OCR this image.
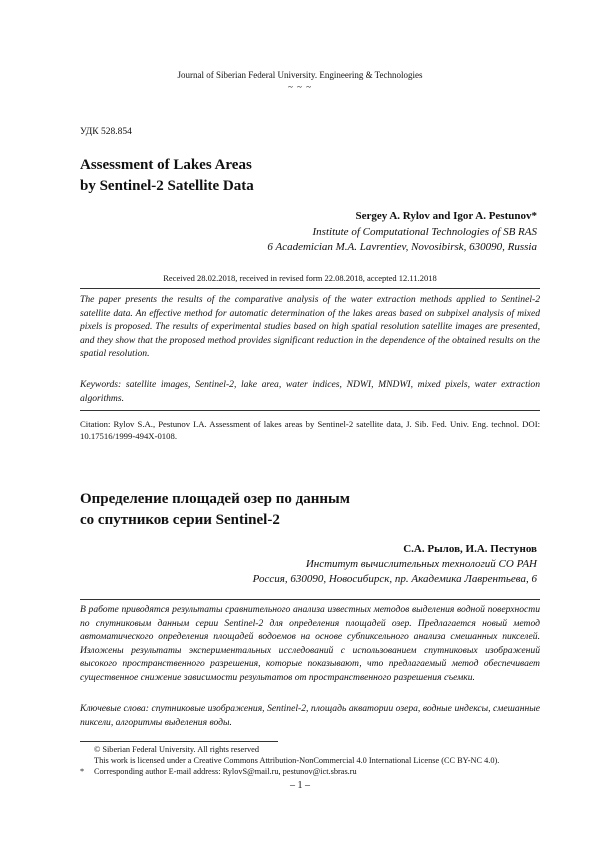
Journal of Siberian Federal University. Engineering & Technologies
~ ~ ~
УДК 528.854
Assessment of Lakes Areas
by Sentinel-2 Satellite Data
Sergey A. Rylov and Igor A. Pestunov*
Institute of Computational Technologies of SB RAS
6 Academician M.A. Lavrentiev, Novosibirsk, 630090, Russia
Received 28.02.2018, received in revised form 22.08.2018, accepted 12.11.2018
The paper presents the results of the comparative analysis of the water extraction methods applied to Sentinel-2 satellite data. An effective method for automatic determination of the lakes areas based on subpixel analysis of mixed pixels is proposed. The results of experimental studies based on high spatial resolution satellite images are presented, and they show that the proposed method provides significant reduction in the dependence of the obtained results on the spatial resolution.
Keywords: satellite images, Sentinel-2, lake area, water indices, NDWI, MNDWI, mixed pixels, water extraction algorithms.
Citation: Rylov S.A., Pestunov I.A. Assessment of lakes areas by Sentinel-2 satellite data, J. Sib. Fed. Univ. Eng. technol. DOI: 10.17516/1999-494X-0108.
Определение площадей озер по данным
со спутников серии Sentinel-2
С.А. Рылов, И.А. Пестунов
Институт вычислительных технологий СО РАН
Россия, 630090, Новосибирск, пр. Академика Лаврентьева, 6
В работе приводятся результаты сравнительного анализа известных методов выделения водной поверхности по спутниковым данным серии Sentinel-2 для определения площадей озер. Предлагается новый метод автоматического определения площадей водоемов на основе субпиксельного анализа смешанных пикселей. Изложены результаты экспериментальных исследований с использованием спутниковых изображений высокого пространственного разрешения, которые показывают, что предлагаемый метод обеспечивает существенное снижение зависимости результатов от пространственного разрешения съемки.
Ключевые слова: спутниковые изображения, Sentinel-2, площадь акватории озера, водные индексы, смешанные пиксели, алгоритмы выделения воды.
© Siberian Federal University. All rights reserved
This work is licensed under a Creative Commons Attribution-NonCommercial 4.0 International License (CC BY-NC 4.0).
* Corresponding author E-mail address: RylovS@mail.ru, pestunov@ict.sbras.ru
– 1 –
